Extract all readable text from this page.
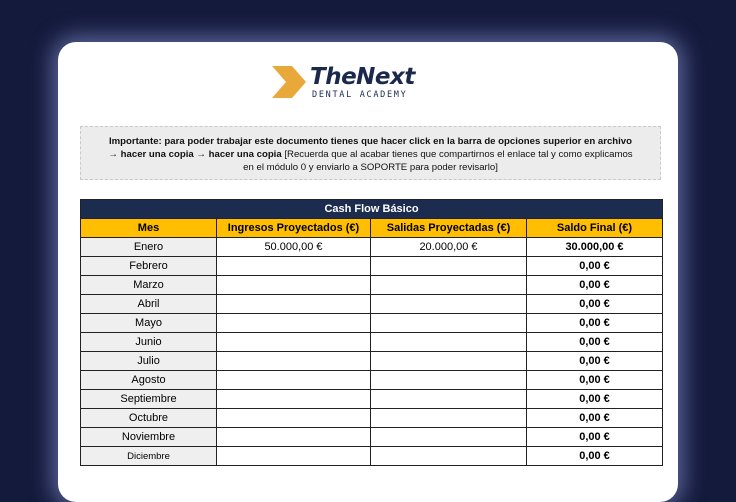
TheNext
DENTAL ACADEMY
Importante: para poder trabajar este documento tienes que hacer click en la barra de opciones superior en archivo
→ hacer una copia → hacer una copia [Recuerda que al acabar tienes que compartirnos el enlace tal y como explicamos
en el módulo 0 y enviarlo a SOPORTE para poder revisarlo]
Cash Flow Básico			
Mes	Ingresos Proyectados (€)	Salidas Proyectadas (€)	Saldo Final (€)
Enero	50.000,00 €	20.000,00 €	30.000,00 €
Febrero			0,00 €
Marzo			0,00 €
Abril			0,00 €
Mayo			0,00 €
Junio			0,00 €
Julio			0,00 €
Agosto			0,00 €
Septiembre			0,00 €
Octubre			0,00 €
Noviembre			0,00 €
Diciembre			0,00 €
